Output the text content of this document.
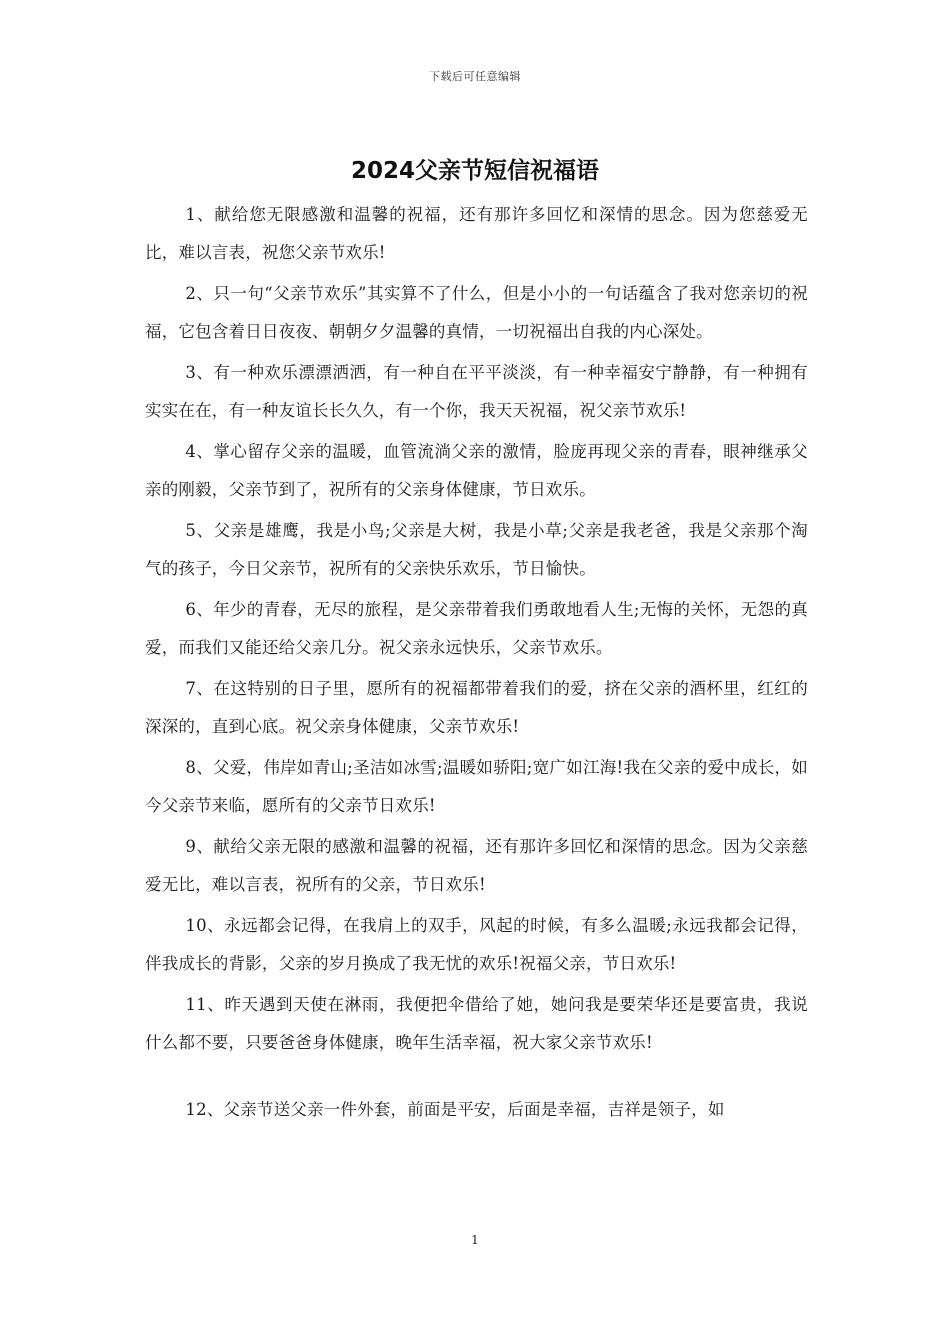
下载后可任意编辑
2024父亲节短信祝福语

1、献给您无限感激和温馨的祝福，还有那许多回忆和深情的思念。因为您慈爱无比，难以言表，祝您父亲节欢乐!

2、只一句“父亲节欢乐”其实算不了什么，但是小小的一句话蕴含了我对您亲切的祝福，它包含着日日夜夜、朝朝夕夕温馨的真情，一切祝福出自我的内心深处。

3、有一种欢乐漂漂洒洒，有一种自在平平淡淡，有一种幸福安宁静静，有一种拥有实实在在，有一种友谊长长久久，有一个你，我天天祝福，祝父亲节欢乐!

4、掌心留存父亲的温暖，血管流淌父亲的激情，脸庞再现父亲的青春，眼神继承父亲的刚毅，父亲节到了，祝所有的父亲身体健康，节日欢乐。

5、父亲是雄鹰，我是小鸟;父亲是大树，我是小草;父亲是我老爸，我是父亲那个淘气的孩子，今日父亲节，祝所有的父亲快乐欢乐，节日愉快。

6、年少的青春，无尽的旅程，是父亲带着我们勇敢地看人生;无悔的关怀，无怨的真爱，而我们又能还给父亲几分。祝父亲永远快乐，父亲节欢乐。

7、在这特别的日子里，愿所有的祝福都带着我们的爱，挤在父亲的酒杯里，红红的深深的，直到心底。祝父亲身体健康，父亲节欢乐!

8、父爱，伟岸如青山;圣洁如冰雪;温暖如骄阳;宽广如江海!我在父亲的爱中成长，如今父亲节来临，愿所有的父亲节日欢乐!

9、献给父亲无限的感激和温馨的祝福，还有那许多回忆和深情的思念。因为父亲慈爱无比，难以言表，祝所有的父亲，节日欢乐!

10、永远都会记得，在我肩上的双手，风起的时候，有多么温暖;永远我都会记得，伴我成长的背影，父亲的岁月换成了我无忧的欢乐!祝福父亲，节日欢乐!

11、昨天遇到天使在淋雨，我便把伞借给了她，她问我是要荣华还是要富贵，我说什么都不要，只要爸爸身体健康，晚年生活幸福，祝大家父亲节欢乐!

12、父亲节送父亲一件外套，前面是平安，后面是幸福，吉祥是领子，如

1
